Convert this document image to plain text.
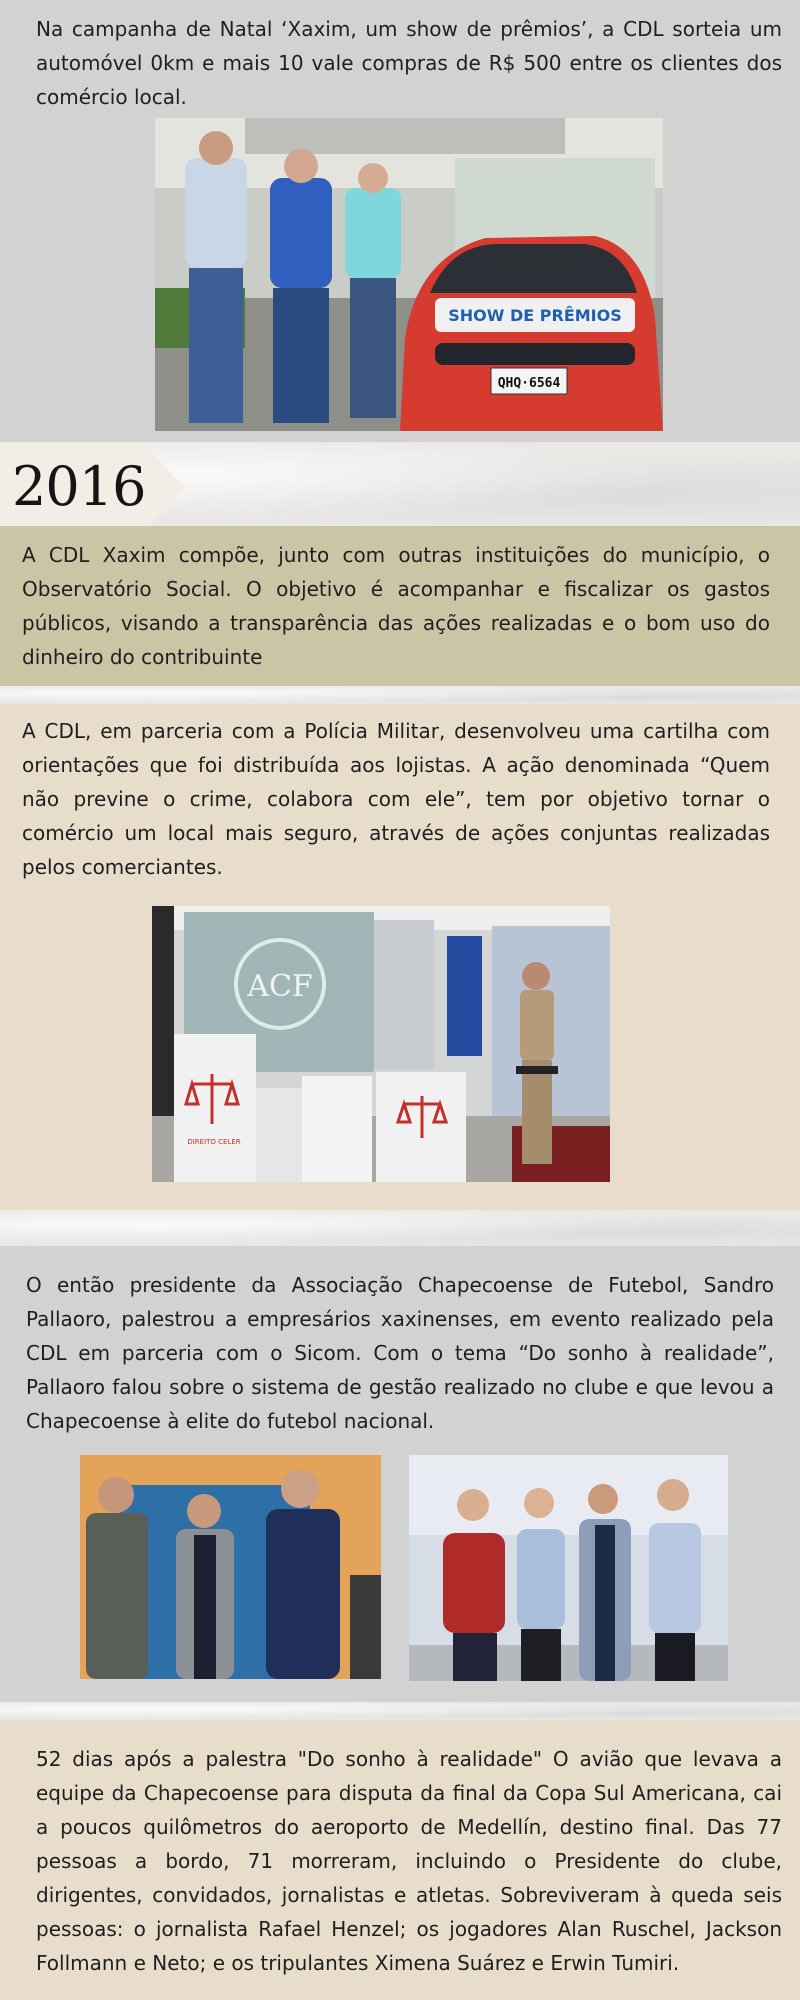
Na campanha de Natal ‘Xaxim, um show de prêmios’, a CDL sorteia um automóvel 0km e mais 10 vale compras de R$ 500 entre os clientes dos comércio local.

SHOW DE PRÊMIOS
QHQ·6564
2016

A CDL Xaxim compõe, junto com outras instituições do município, o Observatório Social. O objetivo é acompanhar e fiscalizar os gastos públicos, visando a transparência das ações realizadas e o bom uso do dinheiro do contribuinte

A CDL, em parceria com a Polícia Militar, desenvolveu uma cartilha com orientações que foi distribuída aos lojistas. A ação denominada “Quem não previne o crime, colabora com ele”, tem por objetivo tornar o comércio um local mais seguro, através de ações conjuntas realizadas pelos comerciantes.

ACF
DIREITO CELER

O então presidente da Associação Chapecoense de Futebol, Sandro Pallaoro, palestrou a empresários xaxinenses, em evento realizado pela CDL em parceria com o Sicom. Com o tema “Do sonho à realidade”, Pallaoro falou sobre o sistema de gestão realizado no clube e que levou a Chapecoense à elite do futebol nacional.

52 dias após a palestra "Do sonho à realidade" O avião que levava a equipe da Chapecoense para disputa da final da Copa Sul Americana, cai a poucos quilômetros do aeroporto de Medellín, destino final. Das 77 pessoas a bordo, 71 morreram, incluindo o Presidente do clube, dirigentes, convidados, jornalistas e atletas. Sobreviveram à queda seis pessoas: o jornalista Rafael Henzel; os jogadores Alan Ruschel, Jackson Follmann e Neto; e os tripulantes Ximena Suárez e Erwin Tumiri.
